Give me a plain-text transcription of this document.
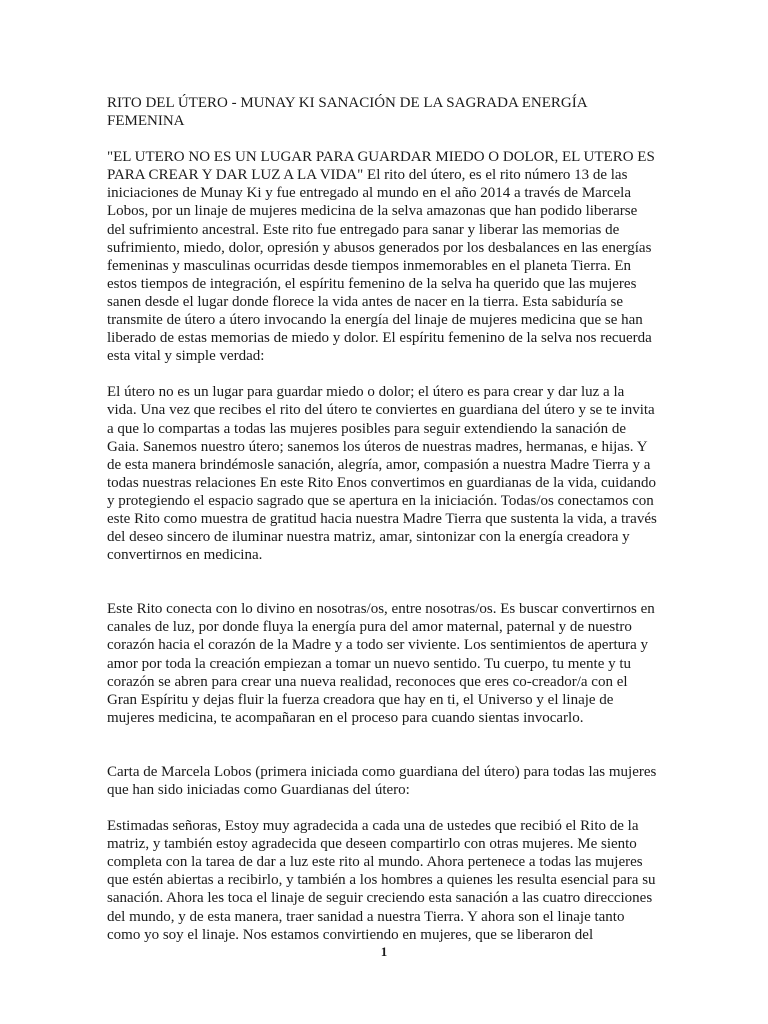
RITO DEL ÚTERO - MUNAY KI SANACIÓN DE LA SAGRADA ENERGÍA FEMENINA

"EL UTERO NO ES UN LUGAR PARA GUARDAR MIEDO O DOLOR, EL UTERO ES PARA CREAR Y DAR LUZ A LA VIDA" El rito del útero, es el rito número 13 de las iniciaciones de Munay Ki y fue entregado al mundo en el año 2014 a través de Marcela Lobos, por un linaje de mujeres medicina de la selva amazonas que han podido liberarse del sufrimiento ancestral. Este rito fue entregado para sanar y liberar las memorias de sufrimiento, miedo, dolor, opresión y abusos generados por los desbalances en las energías femeninas y masculinas ocurridas desde tiempos inmemorables en el planeta Tierra. En estos tiempos de integración, el espíritu femenino de la selva ha querido que las mujeres sanen desde el lugar donde florece la vida antes de nacer en la tierra. Esta sabiduría se transmite de útero a útero invocando la energía del linaje de mujeres medicina que se han liberado de estas memorias de miedo y dolor. El espíritu femenino de la selva nos recuerda esta vital y simple verdad:

El útero no es un lugar para guardar miedo o dolor; el útero es para crear y dar luz a la vida. Una vez que recibes el rito del útero te conviertes en guardiana del útero y se te invita a que lo compartas a todas las mujeres posibles para seguir extendiendo la sanación de Gaia. Sanemos nuestro útero; sanemos los úteros de nuestras madres, hermanas, e hijas. Y de esta manera brindémosle sanación, alegría, amor, compasión a nuestra Madre Tierra y a todas nuestras relaciones En este Rito Enos convertimos en guardianas de la vida, cuidando y protegiendo el espacio sagrado que se apertura en la iniciación. Todas/os conectamos con este Rito como muestra de gratitud hacia nuestra Madre Tierra que sustenta la vida, a través del deseo sincero de iluminar nuestra matriz, amar, sintonizar con la energía creadora y convertirnos en medicina.

Este Rito conecta con lo divino en nosotras/os, entre nosotras/os. Es buscar convertirnos en canales de luz, por donde fluya la energía pura del amor maternal, paternal y de nuestro corazón hacia el corazón de la Madre y a todo ser viviente. Los sentimientos de apertura y amor por toda la creación empiezan a tomar un nuevo sentido. Tu cuerpo, tu mente y tu corazón se abren para crear una nueva realidad, reconoces que eres co-creador/a con el Gran Espíritu y dejas fluir la fuerza creadora que hay en ti, el Universo y el linaje de mujeres medicina, te acompañaran en el proceso para cuando sientas invocarlo.

Carta de Marcela Lobos (primera iniciada como guardiana del útero) para todas las mujeres que han sido iniciadas como Guardianas del útero:

Estimadas señoras, Estoy muy agradecida a cada una de ustedes que recibió el Rito de la matriz, y también estoy agradecida que deseen compartirlo con otras mujeres. Me siento completa con la tarea de dar a luz este rito al mundo. Ahora pertenece a todas las mujeres que estén abiertas a recibirlo, y también a los hombres a quienes les resulta esencial para su sanación. Ahora les toca el linaje de seguir creciendo esta sanación a las cuatro direcciones del mundo, y de esta manera, traer sanidad a nuestra Tierra. Y ahora son el linaje tanto como yo soy el linaje. Nos estamos convirtiendo en mujeres, que se liberaron del

1
